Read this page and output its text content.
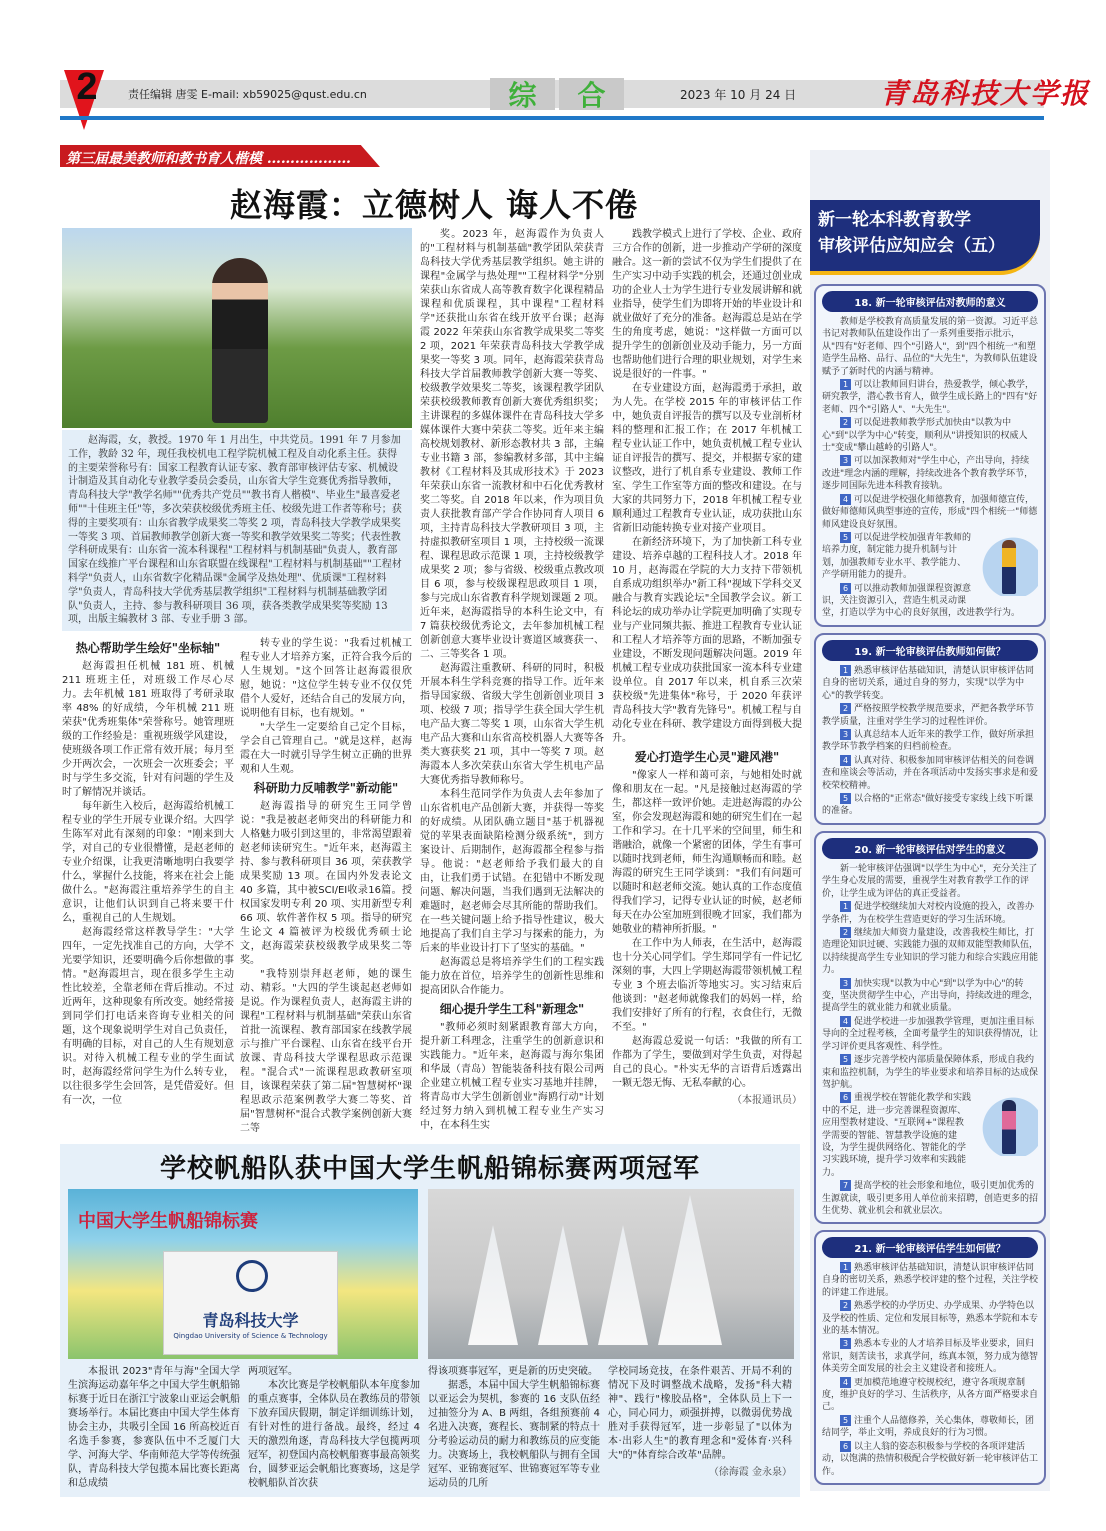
2	责任编辑 唐雯 E-mail: xb59025@qust.edu.cn	综	合	2023 年 10 月 24 日	青岛科技大学报
第三届最美教师和教书育人楷模 ………………
赵海霞：立德树人 诲人不倦
赵海霞，女，教授。1970 年 1 月出生，中共党员。1991 年 7 月参加工作，教龄 32 年，现任我校机电工程学院机械工程及自动化系主任。获得的主要荣誉称号有：国家工程教育认证专家、教育部审核评估专家、机械设计制造及其自动化专业教学委员会委员，山东省大学生竞赛优秀指导教师，青岛科技大学"教学名师""优秀共产党员""教书育人楷模"、毕业生"最喜爱老师""十佳班主任"等，多次荣获校级优秀班主任、校级先进工作者等称号；获得的主要奖项有：山东省教学成果奖二等奖 2 项，青岛科技大学教学成果奖一等奖 3 项、首届教师教学创新大赛一等奖和教学效果奖二等奖；代表性教学科研成果有：山东省一流本科课程"工程材料与机制基础"负责人，教育部国家在线推广平台课程和山东省联盟在线课程"工程材料与机制基础""工程材料学"负责人，山东省数字化精品课"金属学及热处理"、优质课"工程材料学"负责人，青岛科技大学优秀基层教学组织"工程材料与机制基础教学团队"负责人，主持、参与教科研项目 36 项，获各类教学成果奖等奖励 13 项，出版主编教材 3 部、专业手册 3 部。
热心帮助学生绘好"坐标轴"

赵海霞担任机械 181 班、机械 211 班班主任，对班级工作尽心尽力。去年机械 181 班取得了考研录取率 48% 的好成绩，今年机械 211 班荣获"优秀班集体"荣誉称号。她管理班级的工作经验是：重视班级学风建设，使班级各项工作正常有效开展；每月至少开两次会，一次班会一次班委会；平时与学生多交流，针对有问题的学生及时了解情况并谈话。

每年新生入校后，赵海霞给机械工程专业的学生开展专业课介绍。大四学生陈军对此有深刻的印象："刚来到大学，对自己的专业很懵懂，是赵老师的专业介绍课，让我更清晰地明白我要学什么，掌握什么技能，将来在社会上能做什么。"赵海霞注重培养学生的自主意识，让他们认识到自己将来要干什么，重视自己的人生规划。

赵海霞经常这样教导学生："大学四年，一定先找准自己的方向，大学不光要学知识，还要明确今后你想做的事情。"赵海霞坦言，现在很多学生主动性比较差，全靠老师在背后推动。不过近两年，这种现象有所改变。她经常接到同学们打电话来咨询专业相关的问题，这个现象说明学生对自己负责任，有明确的目标，对自己的人生有规划意识。对待入机械工程专业的学生面试时，赵海霞经常问学生为什么转专业，以往很多学生会回答，是凭借爱好。但有一次，一位

转专业的学生说："我看过机械工程专业人才培养方案，正符合我今后的人生规划。"这个回答让赵海霞很欣慰，她说："这位学生转专业不仅仅凭借个人爱好，还结合自己的发展方向，说明他有目标，也有规划。"

"大学生一定要给自己定个目标，学会自己管理自己。"就是这样，赵海霞在大一时就引导学生树立正确的世界观和人生观。

科研助力反哺教学"新动能"

赵海霞指导的研究生王同学曾说："我是被赵老师突出的科研能力和人格魅力吸引到这里的，非常渴望跟着赵老师读研究生。"近年来，赵海霞主持、参与教科研项目 36 项，荣获教学成果奖励 13 项。在国内外发表论文 40 多篇，其中被SCI/EI收录16篇。授权国家发明专利 20 项、实用新型专利 66 项、软件著作权 5 项。指导的研究生论文 4 篇被评为校级优秀硕士论文，赵海霞荣获校级教学成果奖二等奖。

"我特别崇拜赵老师，她的课生动、精彩。"大四的学生谈起赵老师如是说。作为课程负责人，赵海霞主讲的课程"工程材料与机制基础"荣获山东省首批一流课程、教育部国家在线教学展示与推广平台课程、山东省在线平台开放课、青岛科技大学课程思政示范课程。"混合式"一流课程思政教研室项目，该课程荣获了第二届"智慧树杯"课程思政示范案例教学大赛二等奖、首届"智慧树杯"混合式教学案例创新大赛二等

奖。2023 年，赵海霞作为负责人的"工程材料与机制基础"教学团队荣获青岛科技大学优秀基层教学组织。她主讲的课程"金属学与热处理""工程材料学"分别荣获山东省成人高等教育数字化课程精品课程和优质课程，其中课程"工程材料学"还获批山东省在线开放平台课；赵海霞 2022 年荣获山东省教学成果奖二等奖 2 项，2021 年荣获青岛科技大学教学成果奖一等奖 3 项。同年，赵海霞荣获青岛科技大学首届教师教学创新大赛一等奖、校级教学效果奖二等奖，该课程教学团队荣获校级教师教育创新大赛优秀组织奖；主讲课程的多媒体课件在青岛科技大学多媒体课件大赛中荣获二等奖。近年来主编高校规划教材、新形态教材共 3 部，主编专业书籍 3 部，参编教材多部，其中主编教材《工程材料及其成形技术》于 2023 年荣获山东省一流教材和中石化优秀教材奖二等奖。自 2018 年以来，作为项目负责人获批教育部产学合作协同育人项目 6 项，主持青岛科技大学教研项目 3 项，主持虚拟教研室项目 1 项，主持校级一流课程、课程思政示范课 1 项，主持校级教学成果奖 2 项；参与省级、校级重点教改项目 6 项，参与校级课程思政项目 1 项，参与完成山东省教育科学规划课题 2 项。近年来，赵海霞指导的本科生论文中，有 7 篇获校级优秀论文，去年参加机械工程创新创意大赛毕业设计赛道区域赛获一、二、三等奖各 1 项。

赵海霞注重教研、科研的同时，积极开展本科生学科竞赛的指导工作。近年来指导国家级、省级大学生创新创业项目 3 项、校级 7 项；指导学生获全国大学生机电产品大赛二等奖 1 项，山东省大学生机电产品大赛和山东省高校机器人大赛等各类大赛获奖 21 项，其中一等奖 7 项。赵海霞本人多次荣获山东省大学生机电产品大赛优秀指导教师称号。

本科生范同学作为负责人去年参加了山东省机电产品创新大赛，并获得一等奖的好成绩。从团队确立题目"基于机器视觉的苹果表面缺陷检测分级系统"，到方案设计、后期制作，赵海霞都全程参与指导。他说："赵老师给予我们最大的自由，让我们勇于试错。在犯错中不断发现问题、解决问题，当我们遇到无法解决的难题时，赵老师会尽其所能的帮助我们。在一些关键问题上给予指导性建议，极大地提高了我们自主学习与探索的能力，为后来的毕业设计打下了坚实的基础。"

赵海霞总是将培养学生们的工程实践能力放在首位，培养学生的创新性思维和提高团队合作能力。

细心提升学生工科"新理念"

"教师必须时刻紧跟教育部大方向，提升新工科理念，注重学生的创新意识和实践能力。"近年来，赵海霞与海尔集团和华晟（青岛）智能装备科技有限公司两企业建立机械工程专业实习基地并挂牌，将青岛市大学生创新创业"海鸥行动"计划经过努力纳入到机械工程专业生产实习中，在本科生实

践教学模式上进行了学校、企业、政府三方合作的创新，进一步推动产学研的深度融合。这一新的尝试不仅为学生们提供了在生产实习中动手实践的机会，还通过创业成功的企业人士为学生进行专业发展讲解和就业指导，使学生们为即将开始的毕业设计和就业做好了充分的准备。赵海霞总是站在学生的角度考虑，她说："这样做一方面可以提升学生的创新创业及动手能力，另一方面也帮助他们进行合理的职业规划，对学生来说是很好的一件事。"

在专业建设方面，赵海霞勇于承担，敢为人先。在学校 2015 年的审核评估工作中，她负责自评报告的撰写以及专业剖析材料的整理和汇报工作；在 2017 年机械工程专业认证工作中，她负责机械工程专业认证自评报告的撰写、提交，并根据专家的建议整改，进行了机自系专业建设、教师工作室、学生工作室等方面的整改和建设。在与大家的共同努力下，2018 年机械工程专业顺利通过工程教育专业认证，成功获批山东省新旧动能转换专业对接产业项目。

在新经济环境下，为了加快新工科专业建设、培养卓越的工程科技人才。2018 年 10 月，赵海霞在学院的大力支持下带领机自系成功组织举办"新工科"视域下学科交叉融合与教育实践论坛"全国教学会议。新工科论坛的成功举办让学院更加明确了实现专业与产业同频共振、推进工程教育专业认证和工程人才培养等方面的思路，不断加强专业建设，不断发现问题解决问题。2019 年机械工程专业成功获批国家一流本科专业建设单位。自 2017 年以来，机自系三次荣获校级"先进集体"称号，于 2020 年获评青岛科技大学"教育先锋号"。机械工程与自动化专业在科研、教学建设方面得到极大提升。

爱心打造学生心灵"避风港"

"像家人一样和蔼可亲，与她相处时就像和朋友在一起。"凡是接触过赵海霞的学生，都这样一致评价她。走进赵海霞的办公室，你会发现赵海霞和她的研究生们在一起工作和学习。在十几平米的空间里，师生和谐融洽，就像一个紧密的团体，学生有事可以随时找到老师，师生沟通顺畅而和睦。赵海霞的研究生王同学谈到："我们有问题可以随时和赵老师交流。她认真的工作态度值得我们学习，记得专业认证的时候，赵老师每天在办公室加班到很晚才回家，我们都为她敬业的精神所折服。"

在工作中为人师表，在生活中，赵海霞也十分关心同学们。学生郑同学有一件记忆深刻的事，大四上学期赵海霞带领机械工程专业 3 个班去临沂等地实习。实习结束后他谈到："赵老师就像我们的妈妈一样，给我们安排好了所有的行程，衣食住行，无微不至。"

赵海霞总爱说一句话："我做的所有工作都为了学生，要做到对学生负责，对得起自己的良心。"朴实无华的言语背后透露出一颗无怨无悔、无私奉献的心。

（本报通讯员）
学校帆船队获中国大学生帆船锦标赛两项冠军
中国大学生帆船锦标赛
青岛科技大学
Qingdao University of Science & Technology

本报讯 2023"青年与海"全国大学生滨海运动嘉年华之中国大学生帆船锦标赛于近日在浙江宁波象山亚运会帆船赛场举行。本届比赛由中国大学生体育协会主办，共吸引全国 16 所高校近百名选手参赛，参赛队伍中不乏厦门大学、河海大学、华南师范大学等传统强队，青岛科技大学包揽本届比赛长距离和总成绩

两项冠军。

本次比赛是学校帆船队本年度参加的重点赛事，全体队员在教练员的带领下放弃国庆假期，制定详细训练计划，有针对性的进行备战。最终，经过 4 天的激烈角逐，青岛科技大学包揽两项冠军，初登国内高校帆船赛事最高领奖台，圆梦亚运会帆船比赛赛场，这是学校帆船队首次获

得该项赛事冠军，更是新的历史突破。

据悉，本届中国大学生帆船锦标赛以亚运会为契机，参赛的 16 支队伍经过抽签分为 A、B 两组，各组预赛前 4 名进入决赛，赛程长、赛制紧的特点十分考验运动员的耐力和教练员的应变能力。决赛场上，我校帆船队与拥有全国冠军、亚锦赛冠军、世锦赛冠军等专业运动员的几所

学校同场竞技，在条件艰苦、开局不利的情况下及时调整战术战略，发扬"科大精神"、践行"橡胶品格"，全体队员上下一心，同心同力，顽强拼搏，以微弱优势战胜对手获得冠军，进一步彰显了"以体为本·出彩人生"的教育理念和"爱体育·兴科大"的"体育综合改革"品牌。

（徐海霞 金永泉）
新一轮本科教育教学
审核评估应知应会（五）
18. 新一轮审核评估对教师的意义

教师是学校教育高质量发展的第一资源。习近平总书记对教师队伍建设作出了一系列重要指示批示，从"四有"好老师、四个"引路人"，到"四个相统一"和塑造学生品格、品行、品位的"大先生"，为教师队伍建设赋予了新时代的内涵与精神。

1 可以让教师回归讲台，热爱教学，倾心教学，研究教学，潜心教书育人，做学生成长路上的"四有"好老师、四个"引路人"、"大先生"。

2 可以促进教师教学形式加快由"以教为中心"到"以学为中心"转变，顺利从"讲授知识的权威人士"变成"攀山越岭的引路人"。

3 可以加深教师对"学生中心，产出导向，持续改进"理念内涵的理解，持续改进各个教育教学环节，逐步同国际先进本科教育接轨。

4 可以促进学校强化师德教育，加强师德宣传，做好师德师风典型事迹的宣传，形成"四个相统一"师德师风建设良好氛围。

5 可以促进学校加强青年教师的培养力度，制定能力提升机制与计划，加强教师专业水平、教学能力、产学研用能力的提升。

6 可以推动教师加强课程资源意识，关注资源引入，营造生机灵动课堂，打造以学为中心的良好氛围，改进教学行为。

19. 新一轮审核评估教师如何做？

1 熟悉审核评估基础知识，清楚认识审核评估同自身的密切关系，通过自身的努力，实现"以学为中心"的教学转变。

2 严格按照学校教学规范要求，严把各教学环节教学质量，注重对学生学习的过程性评价。

3 认真总结本人近年来的教学工作，做好所承担教学环节教学档案的归档前检查。

4 认真对待、积极参加同审核评估相关的问卷调查和座谈会等活动，并在各项活动中发扬实事求是和爱校荣校精神。

5 以合格的"正常态"做好接受专家线上线下听课的准备。

20. 新一轮审核评估对学生的意义

新一轮审核评估强调"以学生为中心"，充分关注了学生身心发展的需要，重视学生对教育教学工作的评价，让学生成为评估的真正受益者。

1 促进学校继续加大对校内设施的投入，改善办学条件，为在校学生营造更好的学习生活环境。

2 继续加大师资力量建设，改善我校生师比，打造理论知识过硬、实践能力强的双师双能型教师队伍，以持续提高学生专业知识的学习能力和综合实践应用能力。

3 加快实现"以教为中心"到"以学为中心"的转变，坚决贯彻学生中心，产出导向，持续改进的理念，提高学生的就业能力和就业质量。

4 促进学校进一步加强教学管理，更加注重目标导向的全过程考核，全面考量学生的知识获得情况，让学习评价更具客观性、科学性。

5 逐步完善学校内部质量保障体系，形成自我约束和监控机制，为学生的毕业要求和培养目标的达成保驾护航。

6 重视学校在智能化教学和实践中的不足，进一步完善课程资源库、应用型教材建设、"互联网+"课程教学需要的智能、智慧教学设施的建设，为学生提供网络化、智能化的学习实践环境，提升学习效率和实践能力。

7 提高学校的社会形象和地位，吸引更加优秀的生源就读，吸引更多用人单位前来招聘，创造更多的招生优势、就业机会和就业层次。

21. 新一轮审核评估学生如何做？

1 熟悉审核评估基础知识，清楚认识审核评估同自身的密切关系，熟悉学校评建的整个过程，关注学校的评建工作进展。

2 熟悉学校的办学历史、办学成果、办学特色以及学校的性质、定位和发展目标等，熟悉本学院和本专业的基本情况。

3 熟悉本专业的人才培养目标及毕业要求，回归常识，刻苦读书，求真学问，练真本领，努力成为德智体美劳全面发展的社会主义建设者和接班人。

4 更加模范地遵守校规校纪，遵守各项规章制度，维护良好的学习、生活秩序，从各方面严格要求自己。

5 注重个人品德修养，关心集体，尊敬师长，团结同学，举止文明，养成良好的行为习惯。

6 以主人翁的姿态积极参与学校的各项评建活动，以饱满的热情积极配合学校做好新一轮审核评估工作。
